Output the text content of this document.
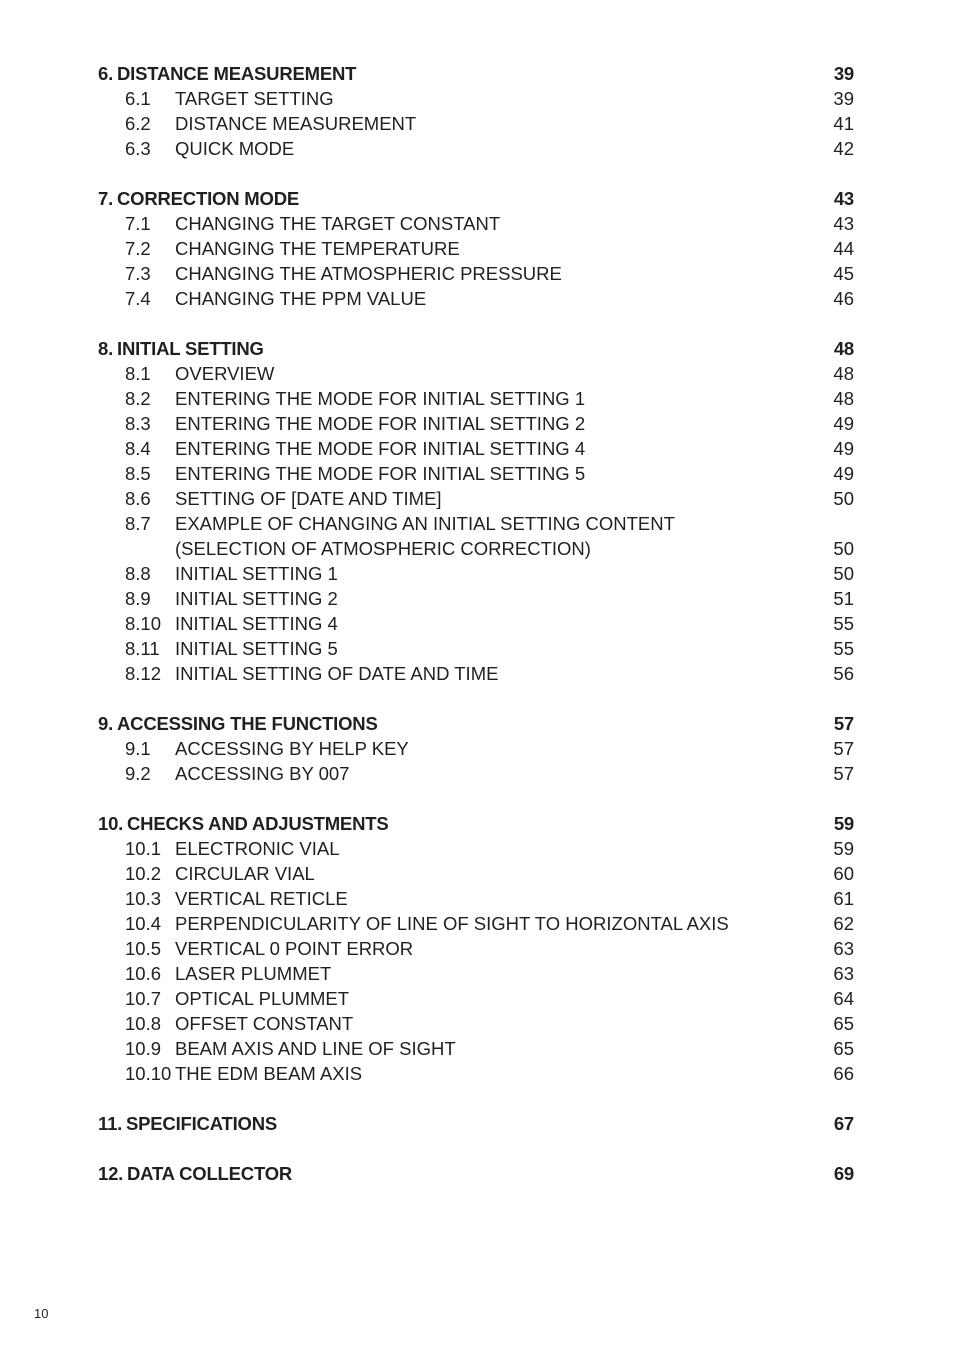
6. DISTANCE MEASUREMENT	39
6.1 TARGET SETTING	39
6.2 DISTANCE MEASUREMENT	41
6.3 QUICK MODE	42
7. CORRECTION MODE	43
7.1 CHANGING THE TARGET CONSTANT	43
7.2 CHANGING THE TEMPERATURE	44
7.3 CHANGING THE ATMOSPHERIC PRESSURE	45
7.4 CHANGING THE PPM VALUE	46
8. INITIAL SETTING	48
8.1 OVERVIEW	48
8.2 ENTERING THE MODE FOR INITIAL SETTING 1	48
8.3 ENTERING THE MODE FOR INITIAL SETTING 2	49
8.4 ENTERING THE MODE FOR INITIAL SETTING 4	49
8.5 ENTERING THE MODE FOR INITIAL SETTING 5	49
8.6 SETTING OF [DATE AND TIME]	50
8.7 EXAMPLE OF CHANGING AN INITIAL SETTING CONTENT
(SELECTION OF ATMOSPHERIC CORRECTION)	50
8.8 INITIAL SETTING 1	50
8.9 INITIAL SETTING 2	51
8.10 INITIAL SETTING 4	55
8.11 INITIAL SETTING 5	55
8.12 INITIAL SETTING OF DATE AND TIME	56
9. ACCESSING THE FUNCTIONS	57
9.1 ACCESSING BY HELP KEY	57
9.2 ACCESSING BY 007	57
10. CHECKS AND ADJUSTMENTS	59
10.1 ELECTRONIC VIAL	59
10.2 CIRCULAR VIAL	60
10.3 VERTICAL RETICLE	61
10.4 PERPENDICULARITY OF LINE OF SIGHT TO HORIZONTAL AXIS	62
10.5 VERTICAL 0 POINT ERROR	63
10.6 LASER PLUMMET	63
10.7 OPTICAL PLUMMET	64
10.8 OFFSET CONSTANT	65
10.9 BEAM AXIS AND LINE OF SIGHT	65
10.10 THE EDM BEAM AXIS	66
11. SPECIFICATIONS	67
12. DATA COLLECTOR	69
10
